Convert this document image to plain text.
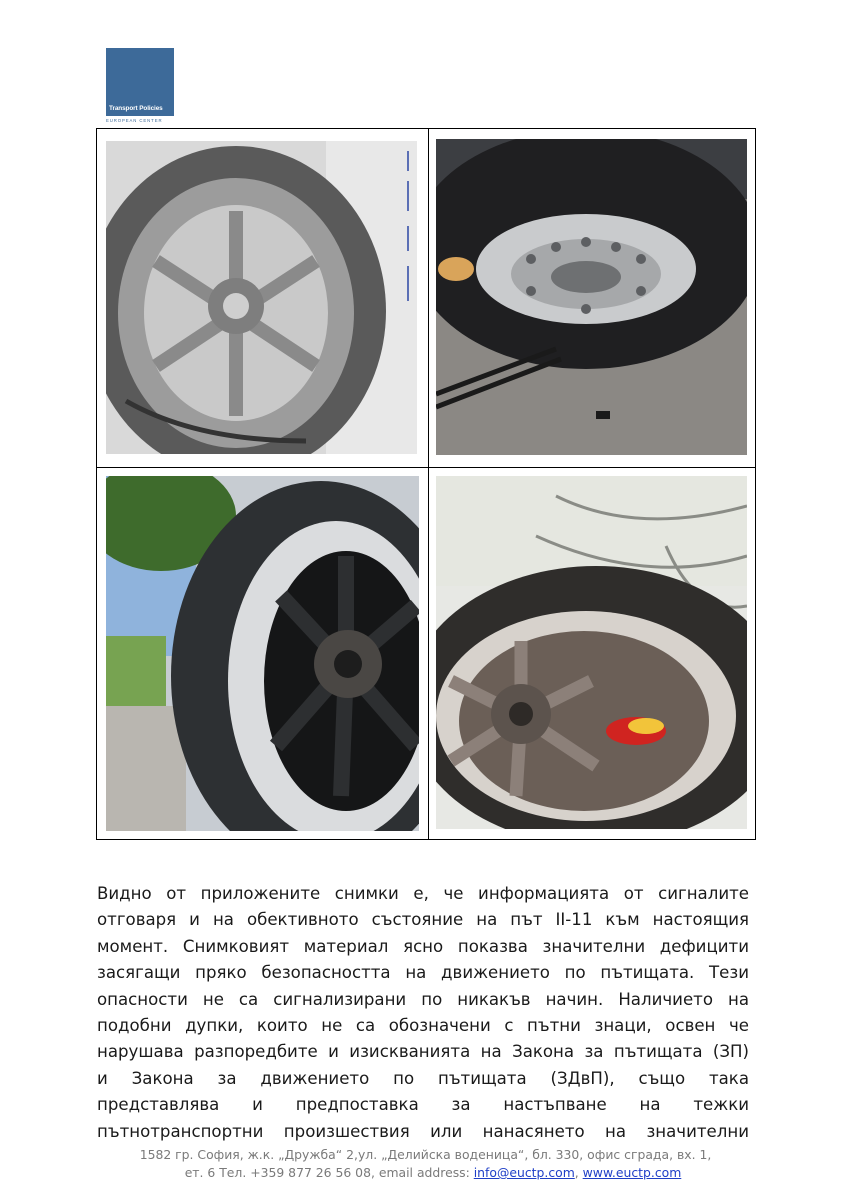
Transport Policies
EUROPEAN CENTER
Видно от приложените снимки е, че информацията от сигналите
отговаря и на обективното състояние на път II-11 към настоящия
момент. Снимковият материал ясно показва значителни дефицити
засягащи пряко безопасността на движението по пътищата. Тези
опасности не са сигнализирани по никакъв начин. Наличието на
подобни дупки, които не са обозначени с пътни знаци, освен че
нарушава разпоредбите и изискванията на Закона за пътищата (ЗП)
и Закона за движението по пътищата (ЗДвП), също така
представлява и предпоставка за настъпване на тежки
пътнотранспортни произшествия или нанасянето на значителни
1582 гр. София, ж.к. „Дружба“ 2,ул. „Делийска воденица“, бл. 330, офис сграда, вх. 1,
ет. 6 Тел. +359 877 26 56 08, email address: info@euctp.com, www.euctp.com
